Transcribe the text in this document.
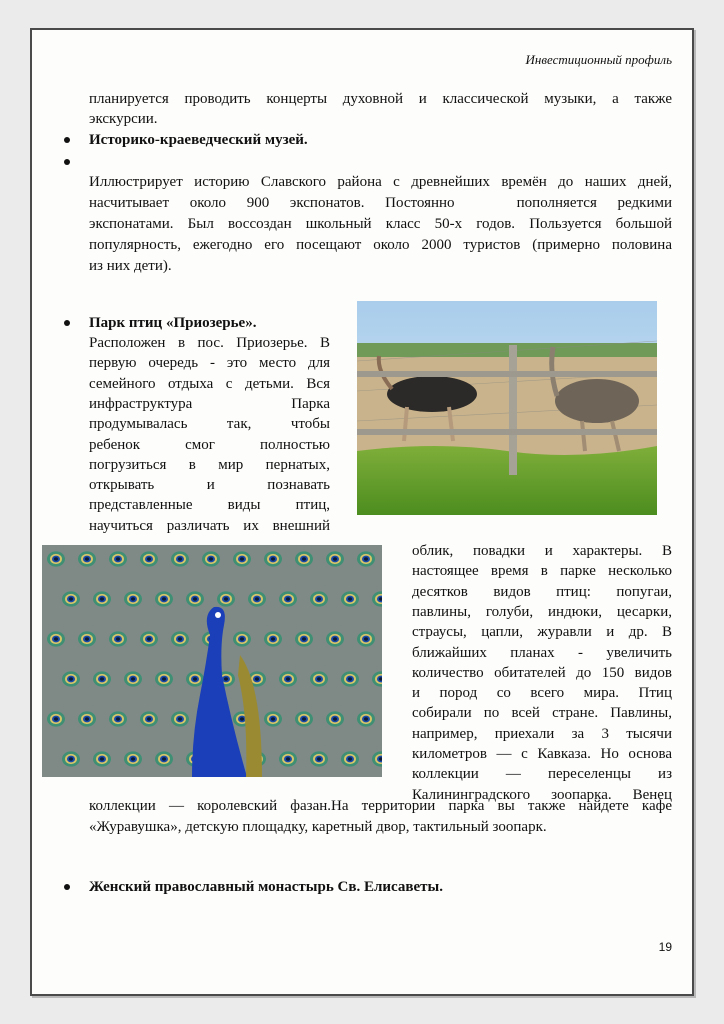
Инвестиционный профиль
планируется проводить концерты духовной и классической музыки, а также
экскурсии.
Историко-краеведческий музей.
Иллюстрирует историю Славского района с древнейших времён до наших дней,
насчитывает около 900 экспонатов. Постоянно   пополняется редкими
экспонатами. Был воссоздан школьный класс 50-х годов. Пользуется большой
популярность, ежегодно его посещают около 2000 туристов (примерно половина
из них дети).
Парк птиц «Приозерье».
Расположен в пос. Приозерье. В
первую очередь - это место для
семейного отдыха с детьми. Вся
инфраструктура            Парка
продумывалась    так,    чтобы
ребенок     смог     полностью
погрузиться в мир пернатых,
открывать     и     познавать
представленные виды птиц,
научиться различать их внешний
облик, повадки и характеры. В
настоящее время в парке несколько
десятков видов птиц: попугаи,
павлины, голуби, индюки, цесарки,
страусы, цапли, журавли и др. В
ближайших планах - увеличить
количество обитателей до 150 видов
и пород со всего мира. Птиц
собирали по всей стране. Павлины,
например, приехали за 3 тысячи
километров — с Кавказа. Но основа
коллекции   —   переселенцы   из
Калининградского зоопарка. Венец
коллекции — королевский фазан.На территории парка вы также найдете кафе
«Журавушка», детскую площадку, каретный двор, тактильный зоопарк.
Женский православный монастырь Св. Елисаветы.
19
